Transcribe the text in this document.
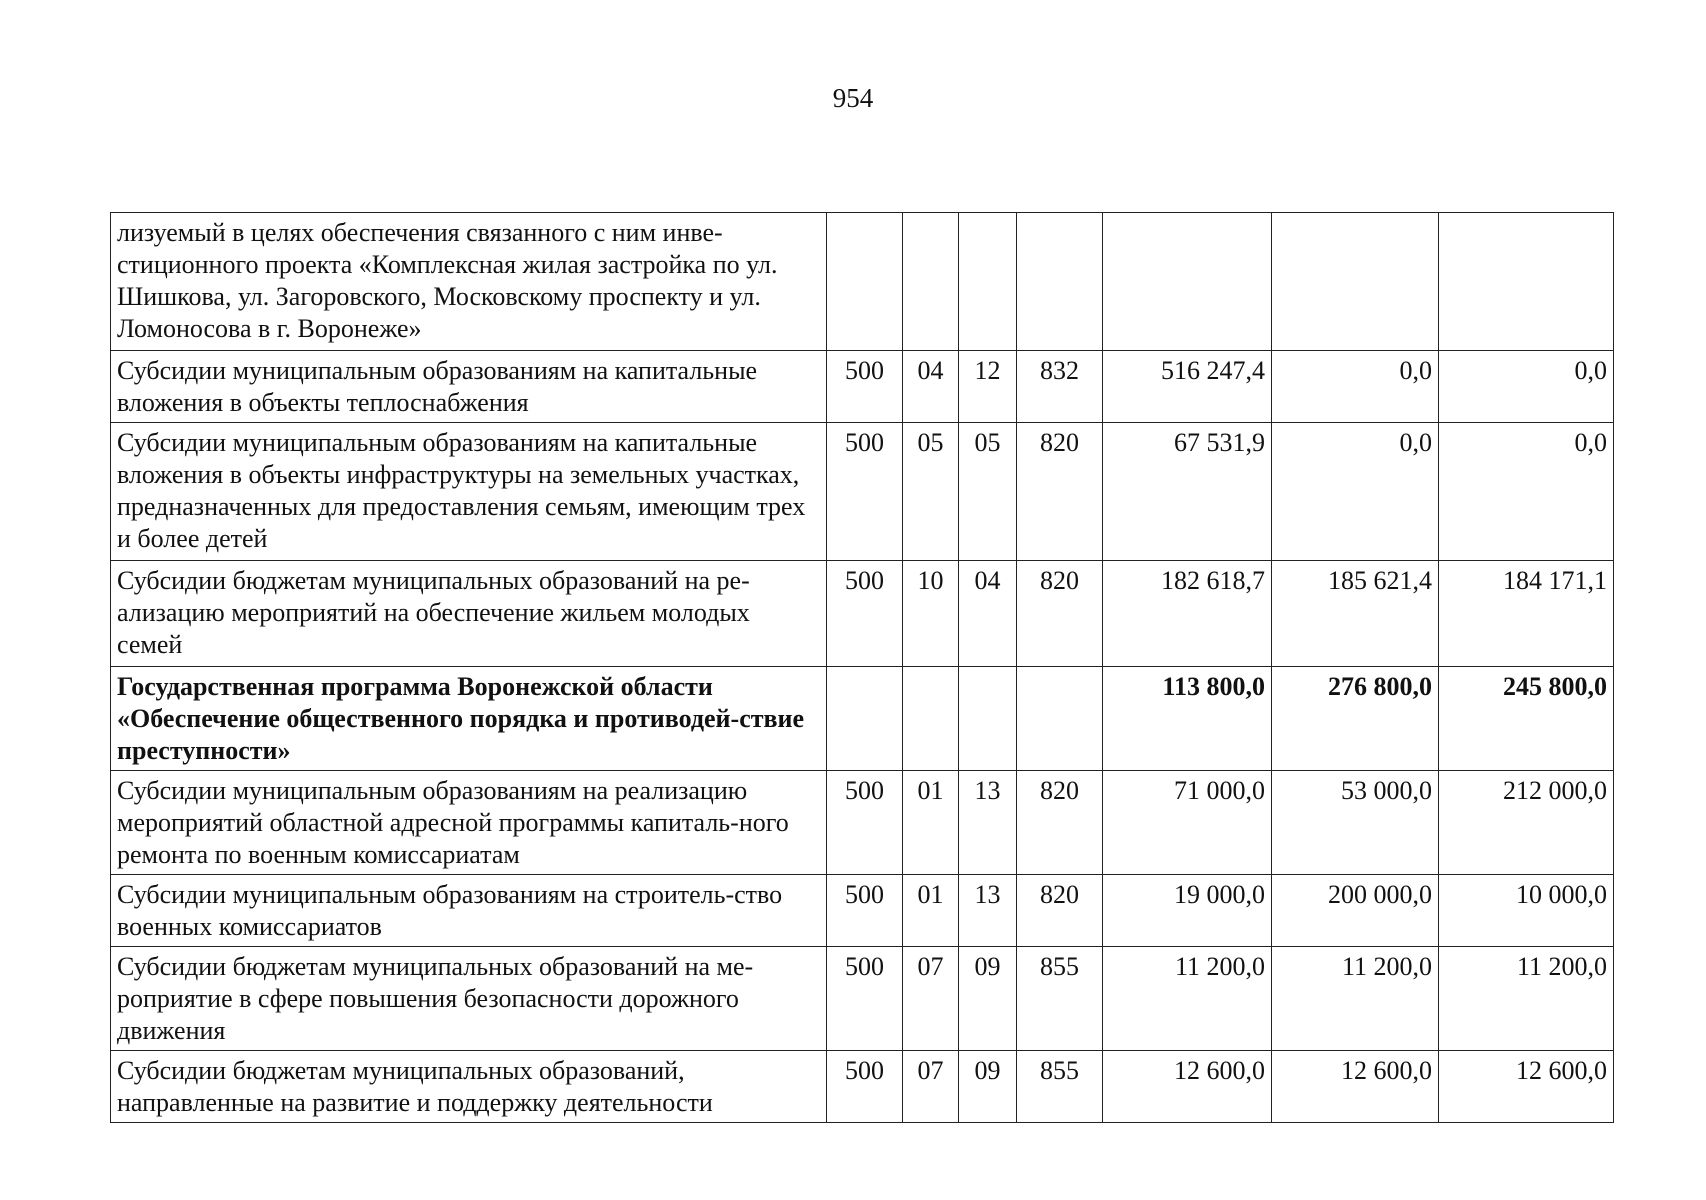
954
лизуемый в целях обеспечения связанного с ним инве-стиционного проекта «Комплексная жилая застройка по ул. Шишкова, ул. Загоровского, Московскому проспекту и ул. Ломоносова в г. Воронеже»							
Субсидии муниципальным образованиям на капитальные вложения в объекты теплоснабжения	500	04	12	832	516 247,4	0,0	0,0
Субсидии муниципальным образованиям на капитальные вложения в объекты инфраструктуры на земельных участках, предназначенных для предоставления семьям, имеющим трех и более детей	500	05	05	820	67 531,9	0,0	0,0
Субсидии бюджетам муниципальных образований на ре-ализацию мероприятий на обеспечение жильем молодых семей	500	10	04	820	182 618,7	185 621,4	184 171,1
Государственная программа Воронежской области «Обеспечение общественного порядка и противодей-ствие преступности»					113 800,0	276 800,0	245 800,0
Субсидии муниципальным образованиям на реализацию мероприятий областной адресной программы капиталь-ного ремонта по военным комиссариатам	500	01	13	820	71 000,0	53 000,0	212 000,0
Субсидии муниципальным образованиям на строитель-ство военных комиссариатов	500	01	13	820	19 000,0	200 000,0	10 000,0
Субсидии бюджетам муниципальных образований на ме-роприятие в сфере повышения безопасности дорожного движения	500	07	09	855	11 200,0	11 200,0	11 200,0
Субсидии бюджетам муниципальных образований, направленные на развитие и поддержку деятельности	500	07	09	855	12 600,0	12 600,0	12 600,0
